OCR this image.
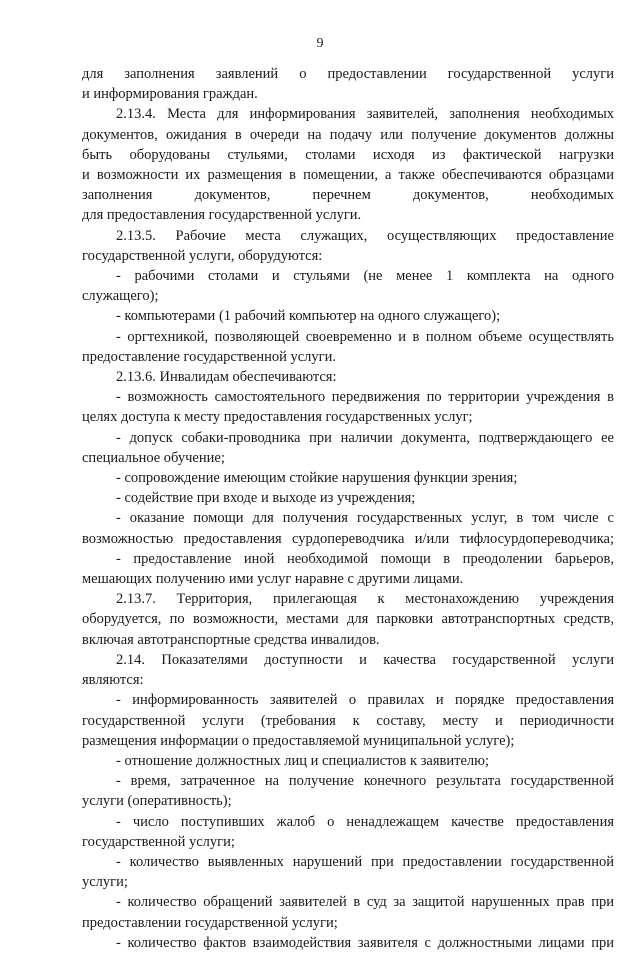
9
для заполнения заявлений о предоставлении государственной услуги
и информирования граждан.
2.13.4. Места для информирования заявителей, заполнения необходимых
документов, ожидания в очереди на подачу или получение документов должны
быть оборудованы стульями, столами исходя из фактической нагрузки
и возможности их размещения в помещении, а также обеспечиваются образцами
заполнения документов, перечнем документов, необходимых
для предоставления государственной услуги.
2.13.5. Рабочие места служащих, осуществляющих предоставление
государственной услуги, оборудуются:
- рабочими столами и стульями (не менее 1 комплекта на одного
служащего);
- компьютерами (1 рабочий компьютер на одного служащего);
- оргтехникой, позволяющей своевременно и в полном объеме осуществлять
предоставление государственной услуги.
2.13.6. Инвалидам обеспечиваются:
- возможность самостоятельного передвижения по территории учреждения в
целях доступа к месту предоставления государственных услуг;
- допуск собаки-проводника при наличии документа, подтверждающего ее
специальное обучение;
- сопровождение имеющим стойкие нарушения функции зрения;
- содействие при входе и выходе из учреждения;
- оказание помощи для получения государственных услуг, в том числе с
возможностью предоставления сурдопереводчика и/или тифлосурдопереводчика;
- предоставление иной необходимой помощи в преодолении барьеров,
мешающих получению ими услуг наравне с другими лицами.
2.13.7. Территория, прилегающая к местонахождению учреждения
оборудуется, по возможности, местами для парковки автотранспортных средств,
включая автотранспортные средства инвалидов.
2.14. Показателями доступности и качества государственной услуги
являются:
- информированность заявителей о правилах и порядке предоставления
государственной услуги (требования к составу, месту и периодичности
размещения информации о предоставляемой муниципальной услуге);
- отношение должностных лиц и специалистов к заявителю;
- время, затраченное на получение конечного результата государственной
услуги (оперативность);
- число поступивших жалоб о ненадлежащем качестве предоставления
государственной услуги;
- количество выявленных нарушений при предоставлении государственной
услуги;
- количество обращений заявителей в суд за защитой нарушенных прав при
предоставлении государственной услуги;
- количество фактов взаимодействия заявителя с должностными лицами при
